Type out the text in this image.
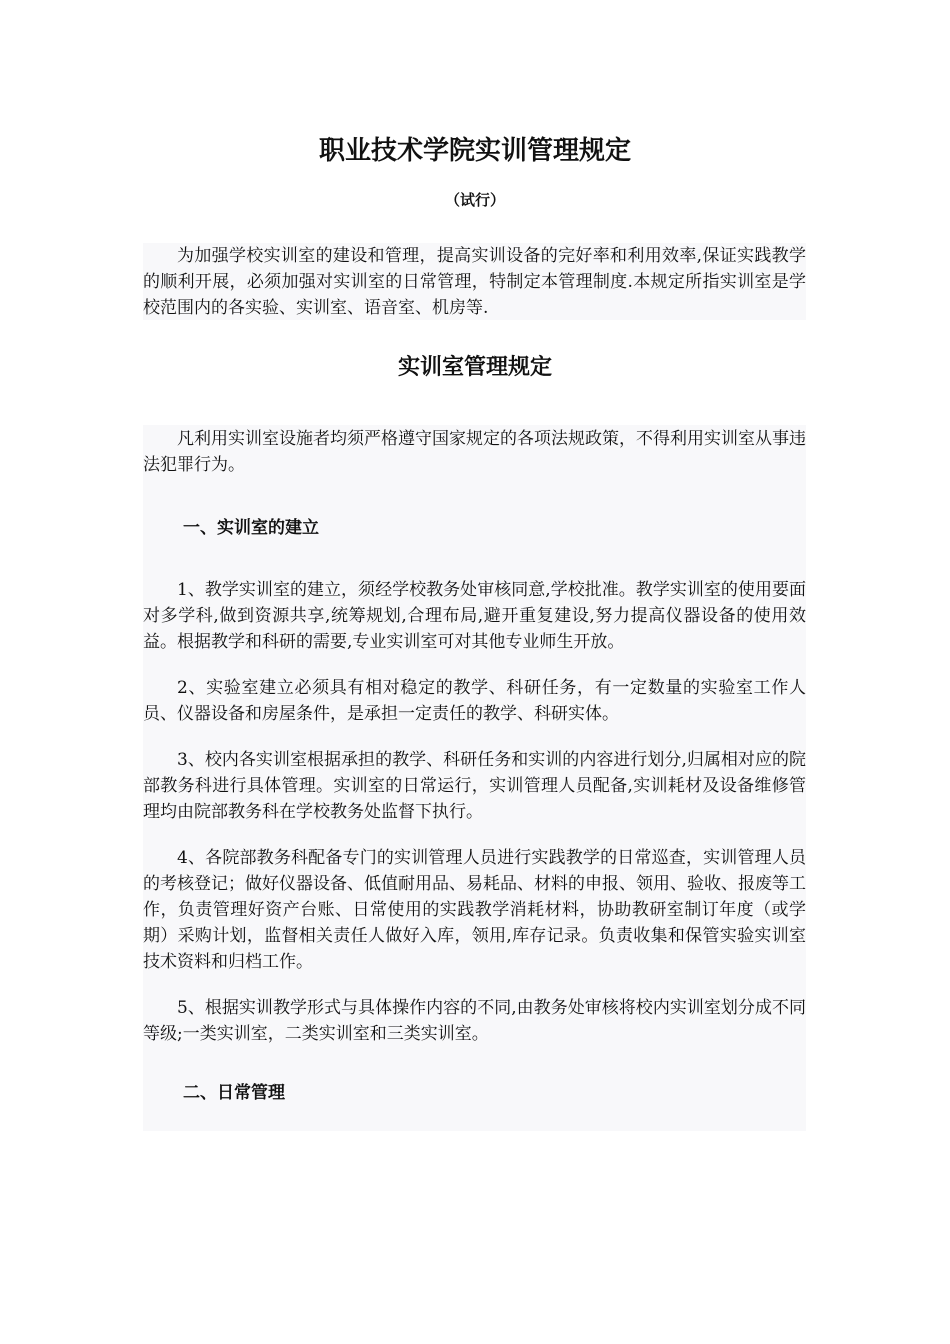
职业技术学院实训管理规定

（试行）

为加强学校实训室的建设和管理，提高实训设备的完好率和利用效率,保证实践教学的顺利开展，必须加强对实训室的日常管理，特制定本管理制度.本规定所指实训室是学校范围内的各实验、实训室、语音室、机房等.

实训室管理规定

凡利用实训室设施者均须严格遵守国家规定的各项法规政策，不得利用实训室从事违法犯罪行为。

一、实训室的建立

1、教学实训室的建立，须经学校教务处审核同意,学校批准。教学实训室的使用要面对多学科,做到资源共享,统筹规划,合理布局,避开重复建设,努力提高仪器设备的使用效益。根据教学和科研的需要,专业实训室可对其他专业师生开放。

2、实验室建立必须具有相对稳定的教学、科研任务，有一定数量的实验室工作人员、仪器设备和房屋条件，是承担一定责任的教学、科研实体。

3、校内各实训室根据承担的教学、科研任务和实训的内容进行划分,归属相对应的院部教务科进行具体管理。实训室的日常运行，实训管理人员配备,实训耗材及设备维修管理均由院部教务科在学校教务处监督下执行。

4、各院部教务科配备专门的实训管理人员进行实践教学的日常巡查，实训管理人员的考核登记；做好仪器设备、低值耐用品、易耗品、材料的申报、领用、验收、报废等工作，负责管理好资产台账、日常使用的实践教学消耗材料，协助教研室制订年度（或学期）采购计划，监督相关责任人做好入库，领用,库存记录。负责收集和保管实验实训室技术资料和归档工作。

5、根据实训教学形式与具体操作内容的不同,由教务处审核将校内实训室划分成不同等级;一类实训室，二类实训室和三类实训室。

二、日常管理
